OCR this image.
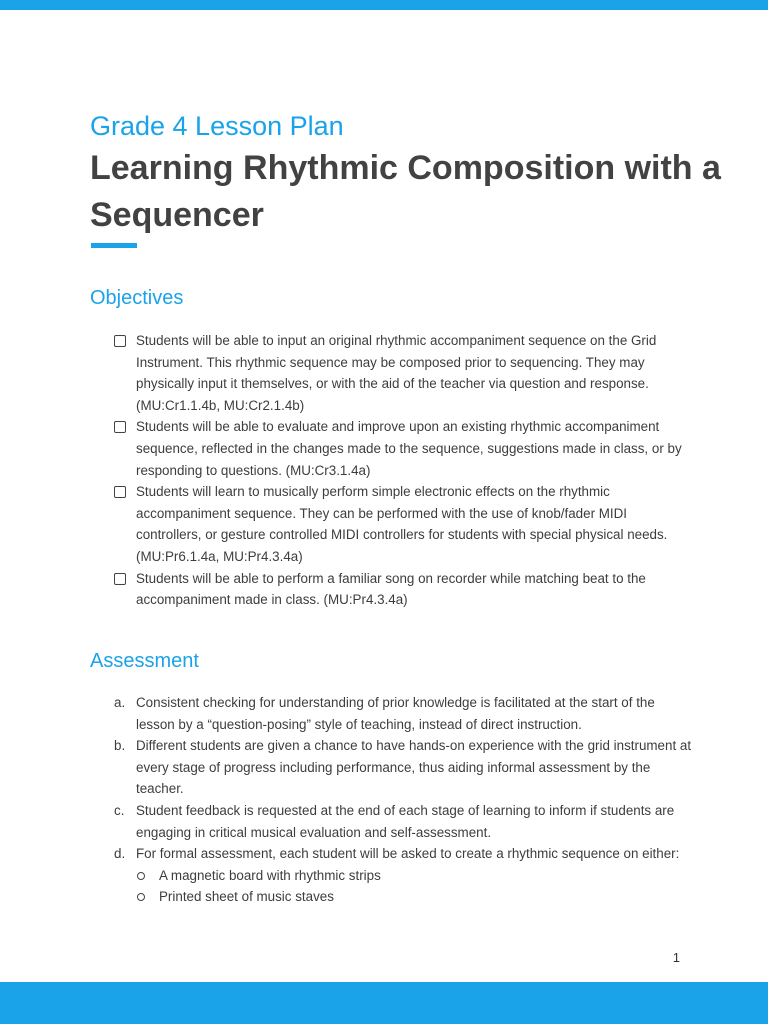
Grade 4 Lesson Plan
Learning Rhythmic Composition with a Sequencer
Objectives
Students will be able to input an original rhythmic accompaniment sequence on the Grid Instrument. This rhythmic sequence may be composed prior to sequencing. They may physically input it themselves, or with the aid of the teacher via question and response. (MU:Cr1.1.4b, MU:Cr2.1.4b)
Students will be able to evaluate and improve upon an existing rhythmic accompaniment sequence, reflected in the changes made to the sequence, suggestions made in class, or by responding to questions. (MU:Cr3.1.4a)
Students will learn to musically perform simple electronic effects on the rhythmic accompaniment sequence. They can be performed with the use of knob/fader MIDI controllers, or gesture controlled MIDI controllers for students with special physical needs. (MU:Pr6.1.4a, MU:Pr4.3.4a)
Students will be able to perform a familiar song on recorder while matching beat to the accompaniment made in class. (MU:Pr4.3.4a)
Assessment
a. Consistent checking for understanding of prior knowledge is facilitated at the start of the lesson by a “question-posing” style of teaching, instead of direct instruction.
b. Different students are given a chance to have hands-on experience with the grid instrument at every stage of progress including performance, thus aiding informal assessment by the teacher.
c. Student feedback is requested at the end of each stage of learning to inform if students are engaging in critical musical evaluation and self-assessment.
d. For formal assessment, each student will be asked to create a rhythmic sequence on either:
A magnetic board with rhythmic strips
Printed sheet of music staves
1
